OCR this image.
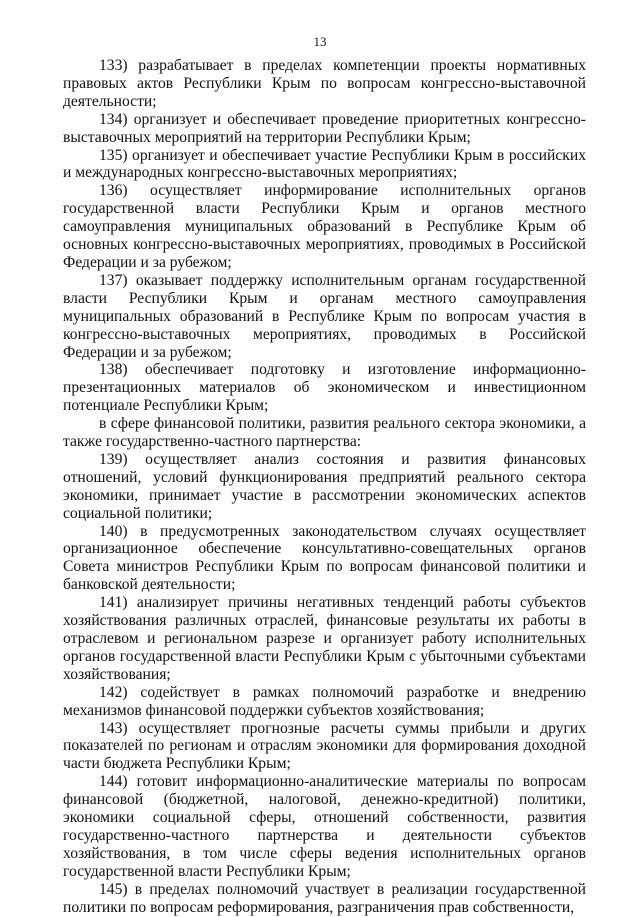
13

133) разрабатывает в пределах компетенции проекты нормативных правовых актов Республики Крым по вопросам конгрессно-выставочной деятельности;

134) организует и обеспечивает проведение приоритетных конгрессно-выставочных мероприятий на территории Республики Крым;

135) организует и обеспечивает участие Республики Крым в российских и международных конгрессно-выставочных мероприятиях;

136) осуществляет информирование исполнительных органов государственной власти Республики Крым и органов местного самоуправления муниципальных образований в Республике Крым об основных конгрессно-выставочных мероприятиях, проводимых в Российской Федерации и за рубежом;

137) оказывает поддержку исполнительным органам государственной власти Республики Крым и органам местного самоуправления муниципальных образований в Республике Крым по вопросам участия в конгрессно-выставочных мероприятиях, проводимых в Российской Федерации и за рубежом;

138) обеспечивает подготовку и изготовление информационно-презентационных материалов об экономическом и инвестиционном потенциале Республики Крым;

в сфере финансовой политики, развития реального сектора экономики, а также государственно-частного партнерства:

139) осуществляет анализ состояния и развития финансовых отношений, условий функционирования предприятий реального сектора экономики, принимает участие в рассмотрении экономических аспектов социальной политики;

140) в предусмотренных законодательством случаях осуществляет организационное обеспечение консультативно-совещательных органов Совета министров Республики Крым по вопросам финансовой политики и банковской деятельности;

141) анализирует причины негативных тенденций работы субъектов хозяйствования различных отраслей, финансовые результаты их работы в отраслевом и региональном разрезе и организует работу исполнительных органов государственной власти Республики Крым с убыточными субъектами хозяйствования;

142) содействует в рамках полномочий разработке и внедрению механизмов финансовой поддержки субъектов хозяйствования;

143) осуществляет прогнозные расчеты суммы прибыли и других показателей по регионам и отраслям экономики для формирования доходной части бюджета Республики Крым;

144) готовит информационно-аналитические материалы по вопросам финансовой (бюджетной, налоговой, денежно-кредитной) политики, экономики социальной сферы, отношений собственности, развития государственно-частного партнерства и деятельности субъектов хозяйствования, в том числе сферы ведения исполнительных органов государственной власти Республики Крым;

145) в пределах полномочий участвует в реализации государственной политики по вопросам реформирования, разграничения прав собственности,
